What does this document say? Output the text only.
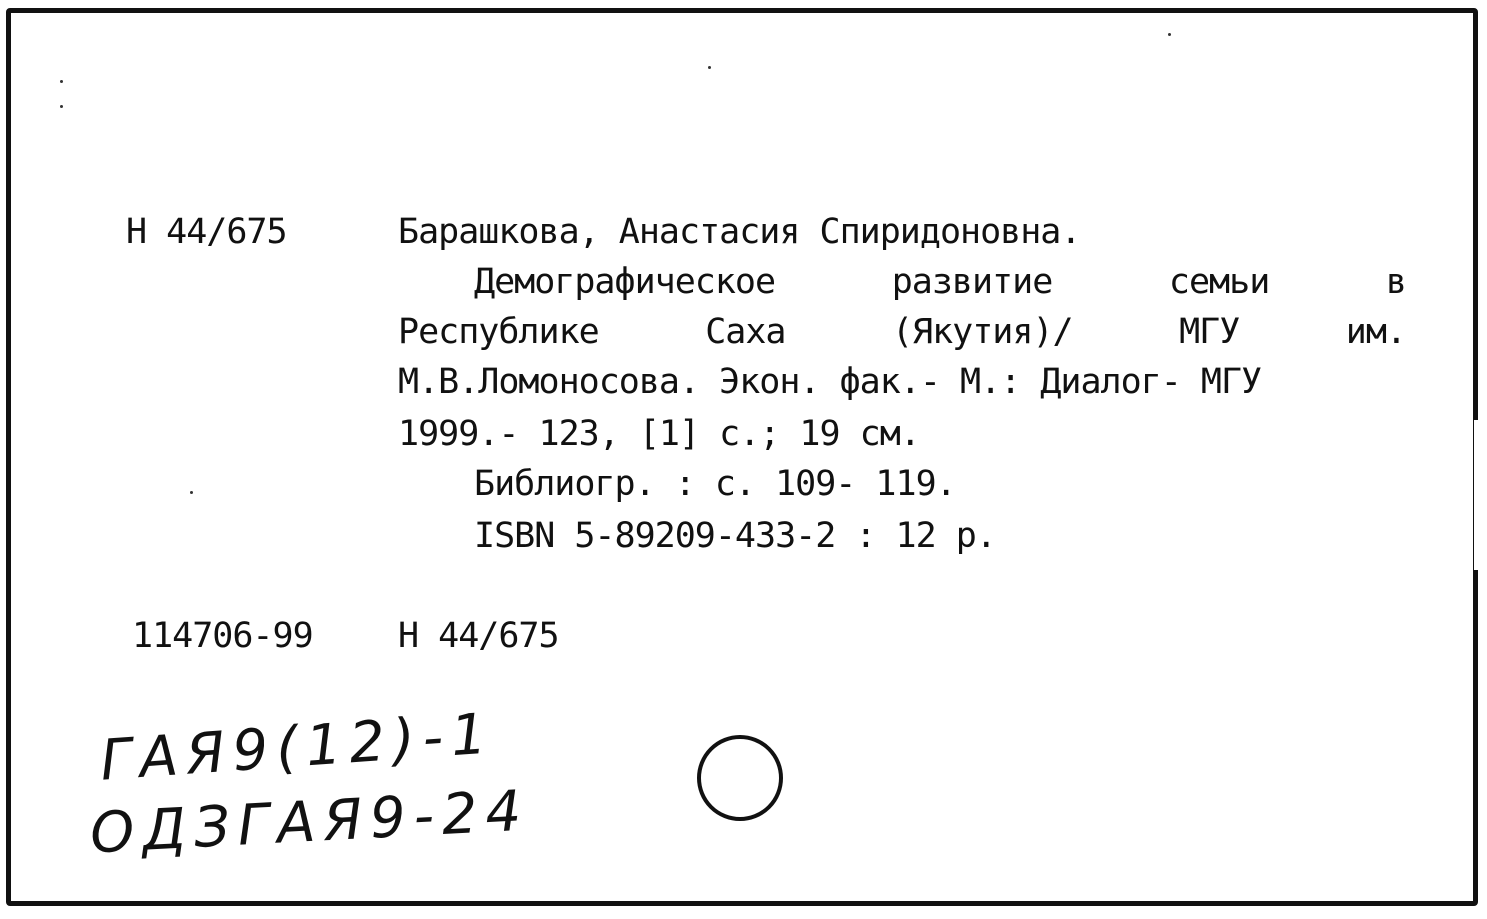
Н 44/675	Барашкова, Анастасия Спиридоновна.
Демографическое	развитие	семьи	в
Республике	Саха	(Якутия)/	МГУ	им.
М.В.Ломоносова. Экон. фак.- М.: Диалог- МГУ
1999.- 123, [1] с.; 19 см.
Библиогр. : с. 109- 119.
ISBN 5-89209-433-2 : 12 р.
114706-99 Н 44/675
ГАЯ9(12)-1
ОДЗГАЯ9-24
